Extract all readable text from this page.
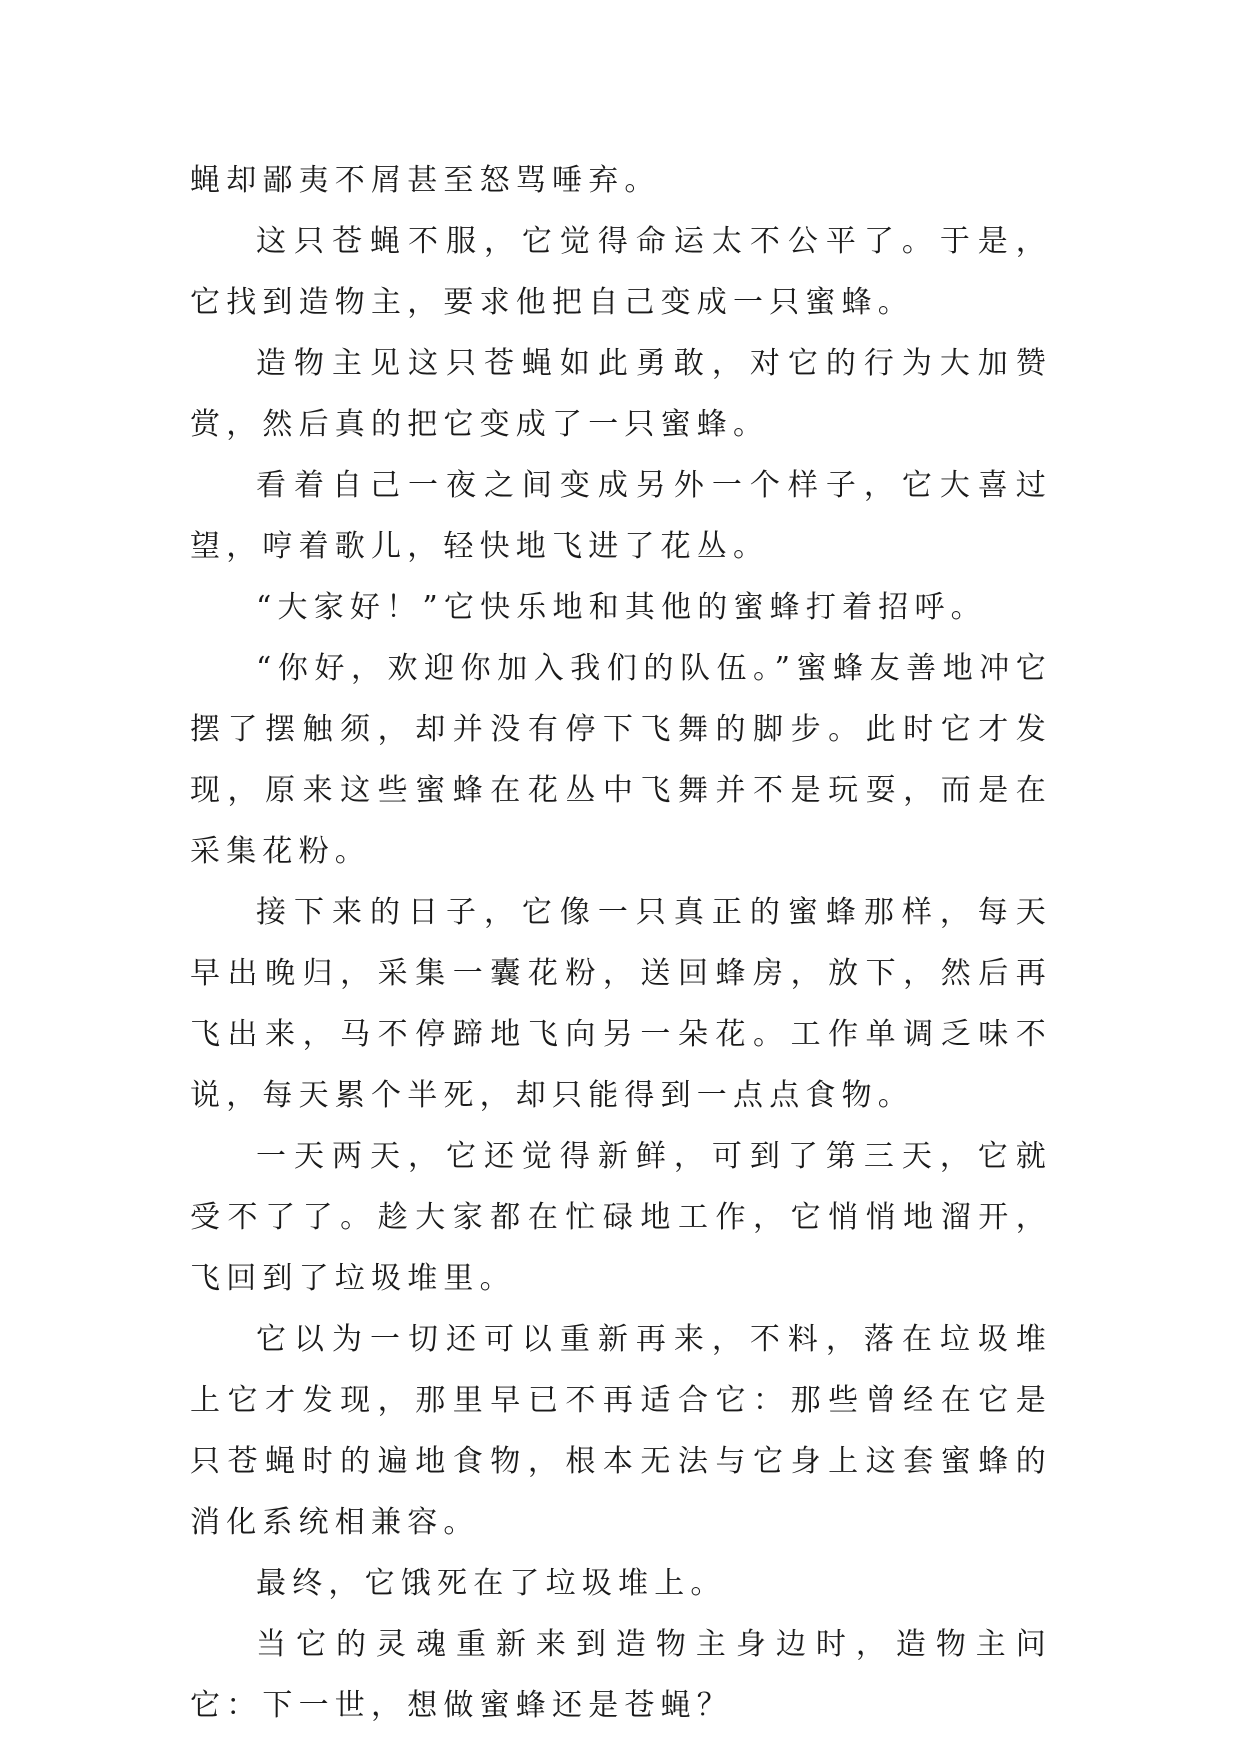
蝇却鄙夷不屑甚至怒骂唾弃。

这只苍蝇不服，它觉得命运太不公平了。于是，它找到造物主，要求他把自己变成一只蜜蜂。

造物主见这只苍蝇如此勇敢，对它的行为大加赞赏，然后真的把它变成了一只蜜蜂。

看着自己一夜之间变成另外一个样子，它大喜过望，哼着歌儿，轻快地飞进了花丛。

“大家好！”它快乐地和其他的蜜蜂打着招呼。

“你好，欢迎你加入我们的队伍。”蜜蜂友善地冲它摆了摆触须，却并没有停下飞舞的脚步。此时它才发现，原来这些蜜蜂在花丛中飞舞并不是玩耍，而是在采集花粉。

接下来的日子，它像一只真正的蜜蜂那样，每天早出晚归，采集一囊花粉，送回蜂房，放下，然后再飞出来，马不停蹄地飞向另一朵花。工作单调乏味不说，每天累个半死，却只能得到一点点食物。

一天两天，它还觉得新鲜，可到了第三天，它就受不了了。趁大家都在忙碌地工作，它悄悄地溜开，飞回到了垃圾堆里。

它以为一切还可以重新再来，不料，落在垃圾堆上它才发现，那里早已不再适合它：那些曾经在它是只苍蝇时的遍地食物，根本无法与它身上这套蜜蜂的消化系统相兼容。

最终，它饿死在了垃圾堆上。

当它的灵魂重新来到造物主身边时，造物主问它：下一世，想做蜜蜂还是苍蝇？
